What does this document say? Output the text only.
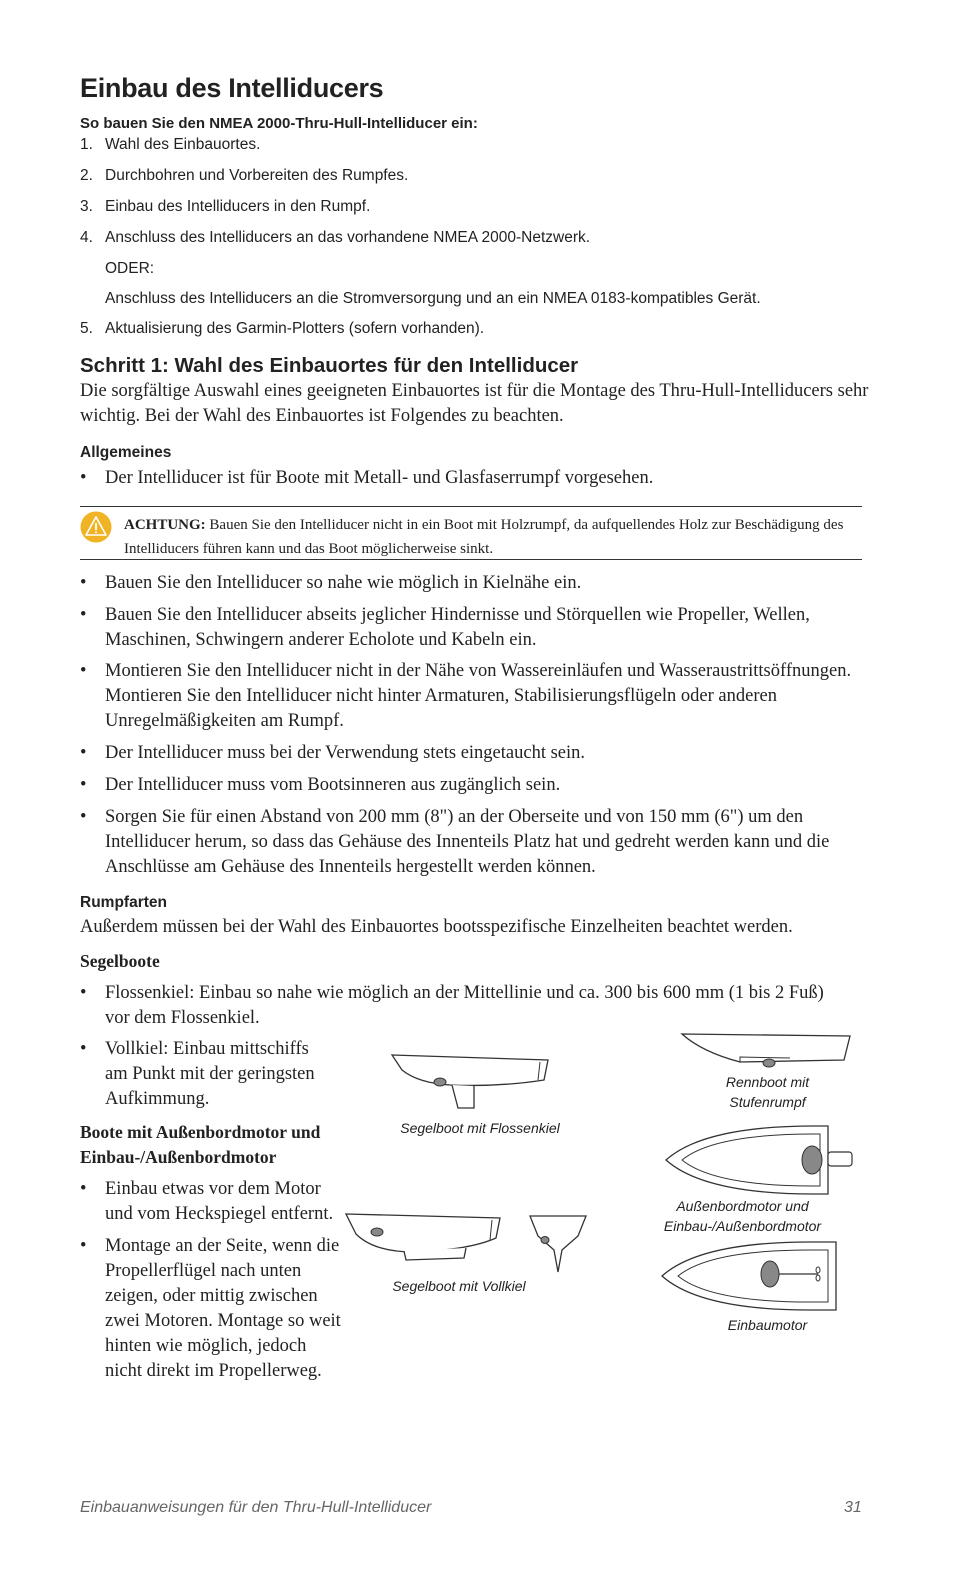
Einbau des Intelliducers
So bauen Sie den NMEA 2000-Thru-Hull-Intelliducer ein:
1. Wahl des Einbauortes.
2. Durchbohren und Vorbereiten des Rumpfes.
3. Einbau des Intelliducers in den Rumpf.
4. Anschluss des Intelliducers an das vorhandene NMEA 2000-Netzwerk.
ODER:
Anschluss des Intelliducers an die Stromversorgung und an ein NMEA 0183-kompatibles Gerät.
5. Aktualisierung des Garmin-Plotters (sofern vorhanden).
Schritt 1: Wahl des Einbauortes für den Intelliducer
Die sorgfältige Auswahl eines geeigneten Einbauortes ist für die Montage des Thru-Hull-Intelliducers sehr wichtig. Bei der Wahl des Einbauortes ist Folgendes zu beachten.
Allgemeines
•	Der Intelliducer ist für Boote mit Metall- und Glasfaserrumpf vorgesehen.
ACHTUNG: Bauen Sie den Intelliducer nicht in ein Boot mit Holzrumpf, da aufquellendes Holz zur Beschädigung des Intelliducers führen kann und das Boot möglicherweise sinkt.
•	Bauen Sie den Intelliducer so nahe wie möglich in Kielnähe ein.
•	Bauen Sie den Intelliducer abseits jeglicher Hindernisse und Störquellen wie Propeller, Wellen, Maschinen, Schwingern anderer Echolote und Kabeln ein.
•	Montieren Sie den Intelliducer nicht in der Nähe von Wassereinläufen und Wasseraustrittsöffnungen. Montieren Sie den Intelliducer nicht hinter Armaturen, Stabilisierungsflügeln oder anderen Unregelmäßigkeiten am Rumpf.
•	Der Intelliducer muss bei der Verwendung stets eingetaucht sein.
•	Der Intelliducer muss vom Bootsinneren aus zugänglich sein.
•	Sorgen Sie für einen Abstand von 200 mm (8") an der Oberseite und von 150 mm (6") um den Intelliducer herum, so dass das Gehäuse des Innenteils Platz hat und gedreht werden kann und die Anschlüsse am Gehäuse des Innenteils hergestellt werden können.
Rumpfarten
Außerdem müssen bei der Wahl des Einbauortes bootsspezifische Einzelheiten beachtet werden.
Segelboote
•	Flossenkiel: Einbau so nahe wie möglich an der Mittellinie und ca. 300 bis 600 mm (1 bis 2 Fuß) vor dem Flossenkiel.
•	Vollkiel: Einbau mittschiffs am Punkt mit der geringsten Aufkimmung.
Boote mit Außenbordmotor und Einbau-/Außenbordmotor
•	Einbau etwas vor dem Motor und vom Heckspiegel entfernt.
•	Montage an der Seite, wenn die Propellerflügel nach unten zeigen, oder mittig zwischen zwei Motoren. Montage so weit hinten wie möglich, jedoch nicht direkt im Propellerweg.
Segelboot mit Flossenkiel
Segelboot mit Vollkiel
Rennboot mit Stufenrumpf
Außenbordmotor und Einbau-/Außenbordmotor
Einbaumotor
Einbauanweisungen für den Thru-Hull-Intelliducer	31
